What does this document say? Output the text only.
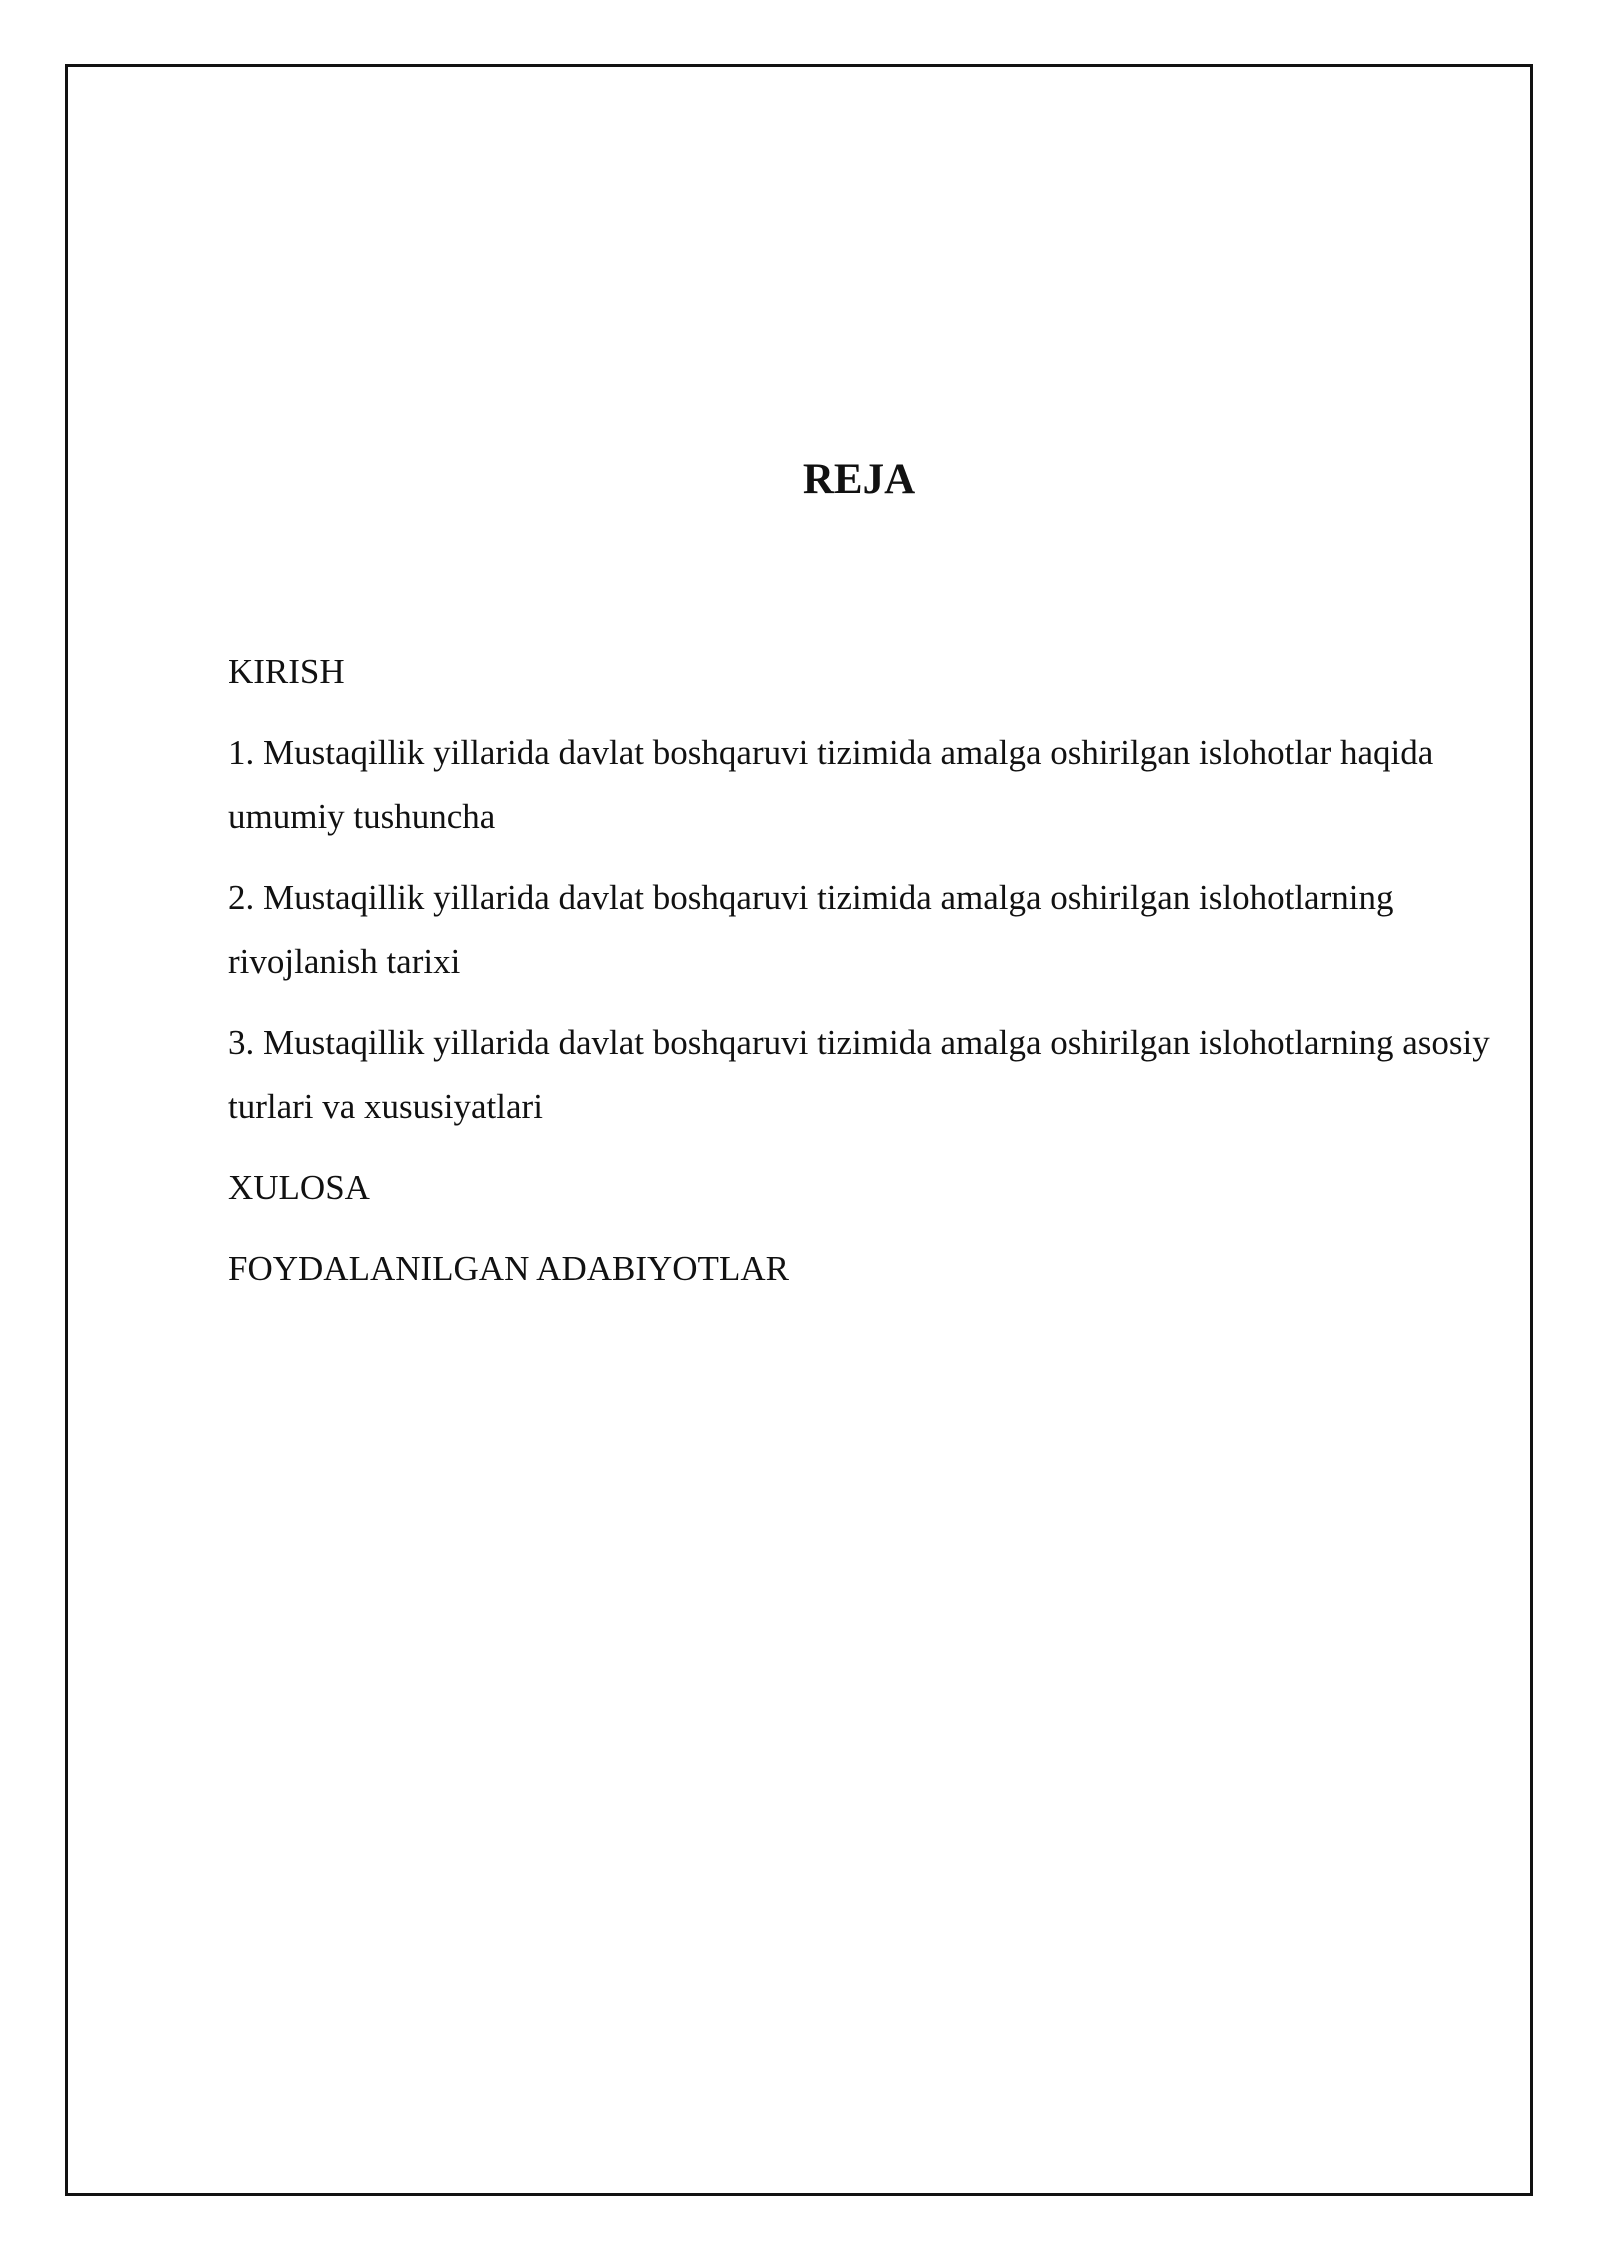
REJA
KIRISH
1. Mustaqillik yillarida davlat boshqaruvi tizimida amalga oshirilgan islohotlar haqida umumiy tushuncha
2. Mustaqillik yillarida davlat boshqaruvi tizimida amalga oshirilgan islohotlarning rivojlanish tarixi
3. Mustaqillik yillarida davlat boshqaruvi tizimida amalga oshirilgan islohotlarning asosiy turlari va xususiyatlari
XULOSA
FOYDALANILGAN ADABIYOTLAR
